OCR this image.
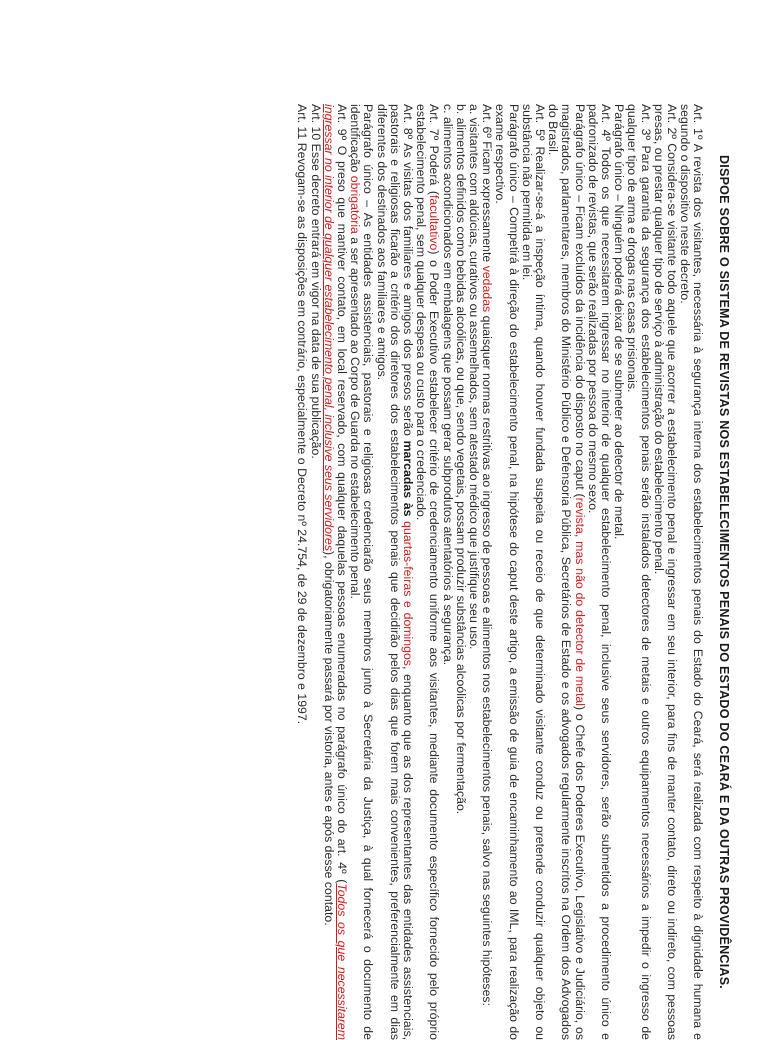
DISPOE SOBRE O SISTEMA DE REVISTAS NOS ESTABELECIMENTOS PENAIS DO ESTADO DO CEARÁ E DA OUTRAS PROVIDÊNCIAS.

Art. 1º A revista dos visitantes, necessária à segurança interna dos estabelecimentos penais do Estado do Ceará, será realizada com respeito à dignidade humana e segundo o dispositivo neste decreto.

Art. 2º Considera-se visitante todo aquele que acorrer a estabelecimento penal e ingressar em seu interior, para fins de manter contato, direto ou indireto, com pessoas presas, ou prestar qualquer tipo de serviço à administração do estabelecimento penal.

Art. 3º Para garantia da segurança dos estabelecimentos penais serão instalados detectores de metais e outros equipamentos necessários a impedir o ingresso de qualquer tipo de arma e drogas nas casas prisionais.

Parágrafo único – Ninguém poderá deixar de se submeter ao detector de metal.

Art. 4º Todos os que necessitarem ingressar no interior de qualquer estabelecimento penal, inclusive seus servidores, serão submetidos a procedimento único e padronizado de revistas, que serão realizadas por pessoa do mesmo sexo.

Parágrafo único – Ficam excluídos da incidência do disposto no caput (revista, mas não do detector de metal) o Chefe dos Poderes Executivo, Legislativo e Judiciário, os magistrados, parlamentares, membros do Ministério Público e Defensoria Pública, Secretários de Estado e os advogados regularmente inscritos na Ordem dos Advogados do Brasil.

Art. 5º Realizar-se-á a inspeção íntima, quando houver fundada suspeita ou receio de que determinado visitante conduz ou pretende conduzir qualquer objeto ou substância não permitida em lei.

Parágrafo único – Competirá à direção do estabelecimento penal, na hipótese do caput deste artigo, a emissão de guia de encaminhamento ao IML, para realização do exame respectivo.

Art. 6º Ficam expressamente vedadas quaisquer normas restritivas ao ingresso de pessoas e alimentos nos estabelecimentos penais, salvo nas seguintes hipóteses:

a. visitantes com aldúcias, curativos ou assemelhados, sem atestado médico que justifique seu uso.

b. alimentos definidos como bebidas alcoólicas, ou que, sendo vegetais, possam produzir substâncias alcoólicas por fermentação.

c. alimentos acondicionados em embalagens que possam gerar subprodutos atentatórios à segurança.

Art. 7º Poderá (facultativo) o Poder Executivo estabelecer critério de credenciamento uniforme aos visitantes, mediante documento específico fornecido pelo próprio estabelecimento penal, sem qualquer despesa ou custo para o credenciado.

Art. 8º As visitas dos familiares e amigos dos presos serão marcadas às quartas-feiras e domingos, enquanto que as dos representantes das entidades assistenciais, pastorais e religiosas ficarão a critério dos diretores dos estabelecimentos penais que decidirão pelos dias que forem mais convenientes, preferencialmente em dias diferentes dos destinados aos familiares e amigos.

Parágrafo único – As entidades assistenciais, pastorais e religiosas credenciarão seus membros junto à Secretária da Justiça, à qual fornecerá o documento de identificação obrigatória a ser apresentado ao Corpo de Guarda no estabelecimento penal.

Art. 9º O preso que mantiver contato, em local reservado, com qualquer daquelas pessoas enumeradas no parágrafo único do art. 4º (Todos os que necessitarem ingressar no interior de qualquer estabelecimento penal, inclusive seus servidores), obrigatoriamente passará por vistoria, antes e após desse contato.

Art. 10 Esse decreto entrará em vigor na data de sua publicação.

Art. 11 Revogam-se as disposições em contrário, especialmente o Decreto nº 24.754, de 29 de dezembro e 1997.
